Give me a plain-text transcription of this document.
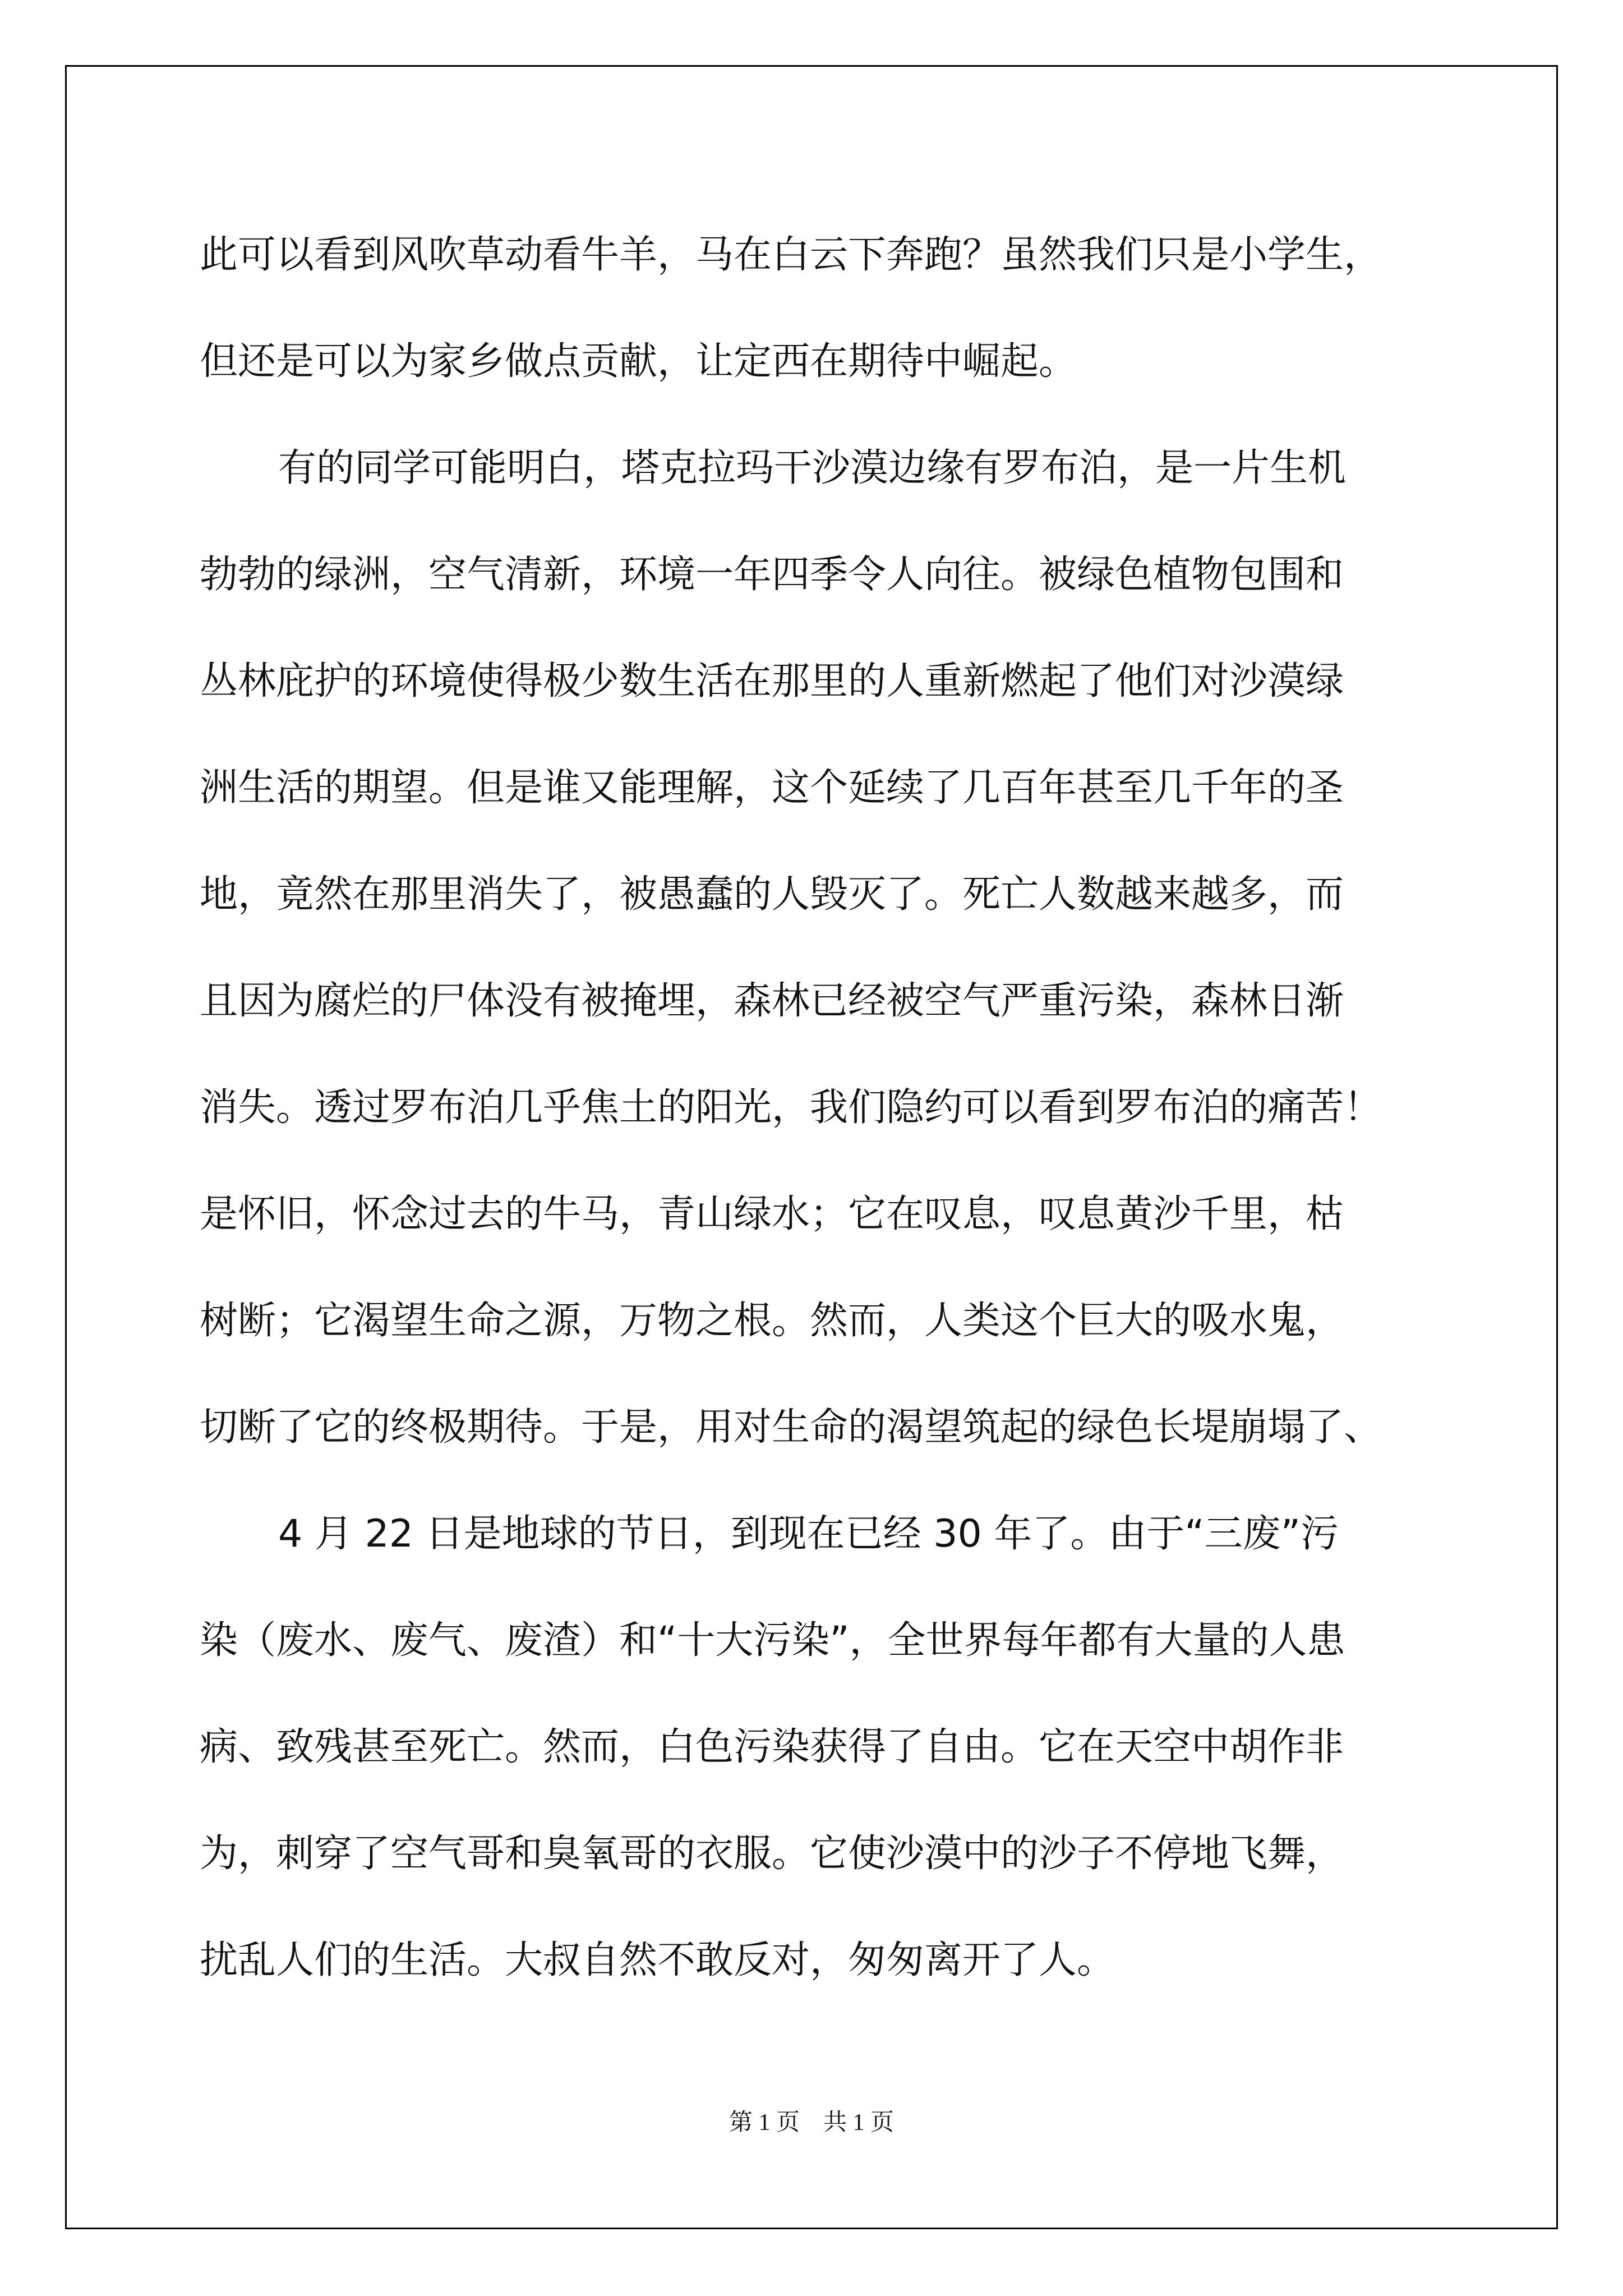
此可以看到风吹草动看牛羊，马在白云下奔跑？虽然我们只是小学生，
但还是可以为家乡做点贡献，让定西在期待中崛起。
有的同学可能明白，塔克拉玛干沙漠边缘有罗布泊，是一片生机
勃勃的绿洲，空气清新，环境一年四季令人向往。被绿色植物包围和
丛林庇护的环境使得极少数生活在那里的人重新燃起了他们对沙漠绿
洲生活的期望。但是谁又能理解，这个延续了几百年甚至几千年的圣
地，竟然在那里消失了，被愚蠢的人毁灭了。死亡人数越来越多，而
且因为腐烂的尸体没有被掩埋，森林已经被空气严重污染，森林日渐
消失。透过罗布泊几乎焦土的阳光，我们隐约可以看到罗布泊的痛苦！
是怀旧，怀念过去的牛马，青山绿水；它在叹息，叹息黄沙千里，枯
树断；它渴望生命之源，万物之根。然而，人类这个巨大的吸水鬼，
切断了它的终极期待。于是，用对生命的渴望筑起的绿色长堤崩塌了、
4 月 22 日是地球的节日，到现在已经 30 年了。由于“三废”污
染（废水、废气、废渣）和“十大污染”，全世界每年都有大量的人患
病、致残甚至死亡。然而，白色污染获得了自由。它在天空中胡作非
为，刺穿了空气哥和臭氧哥的衣服。它使沙漠中的沙子不停地飞舞，
扰乱人们的生活。大叔自然不敢反对，匆匆离开了人。
第 1 页　共 1 页
